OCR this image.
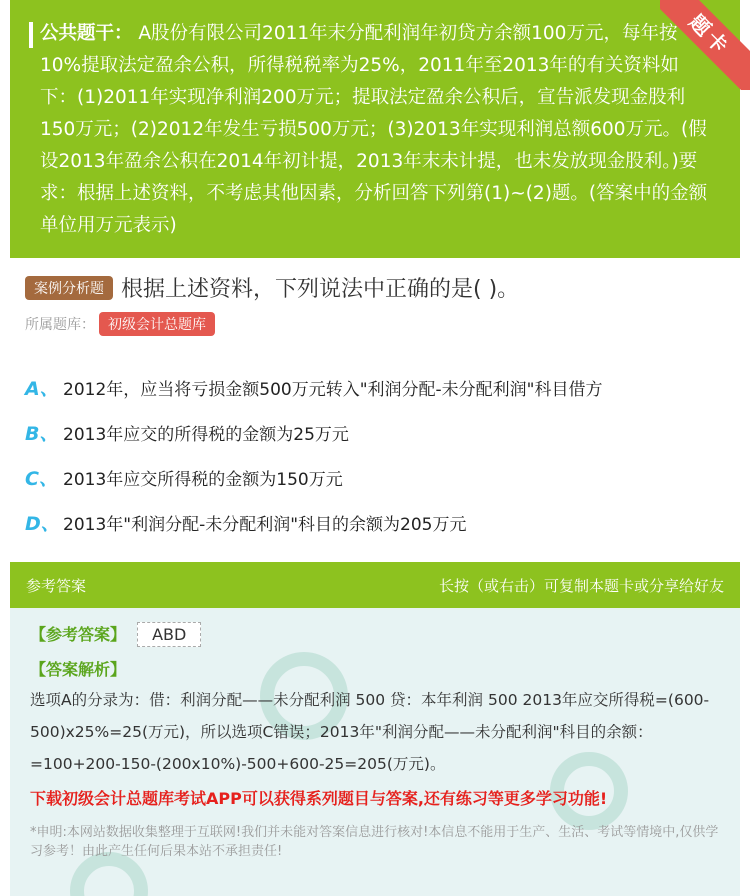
公共题干： A股份有限公司2011年末分配利润年初贷方余额100万元，每年按10%提取法定盈余公积，所得税税率为25%，2011年至2013年的有关资料如下：(1)2011年实现净利润200万元；提取法定盈余公积后，宣告派发现金股利150万元；(2)2012年发生亏损500万元；(3)2013年实现利润总额600万元。(假设2013年盈余公积在2014年初计提，2013年末未计提，也未发放现金股利。)要求：根据上述资料，不考虑其他因素，分析回答下列第(1)~(2)题。(答案中的金额单位用万元表示)
题卡
案例分析题 根据上述资料，下列说法中正确的是( )。
所属题库： 初级会计总题库
A、 2012年，应当将亏损金额500万元转入"利润分配-未分配利润"科目借方
B、 2013年应交的所得税的金额为25万元
C、 2013年应交所得税的金额为150万元
D、 2013年"利润分配-未分配利润"科目的余额为205万元
参考答案	长按（或右击）可复制本题卡或分享给好友
【参考答案】 ABD
【答案解析】
选项A的分录为：借：利润分配——未分配利润 500 贷：本年利润 500 2013年应交所得税=(600-500)x25%=25(万元)，所以选项C错误；2013年"利润分配——未分配利润"科目的余额：=100+200-150-(200x10%)-500+600-25=205(万元)。
下载初级会计总题库考试APP可以获得系列题目与答案,还有练习等更多学习功能!
*申明:本网站数据收集整理于互联网!我们并未能对答案信息进行核对!本信息不能用于生产、生活、考试等情境中,仅供学习参考！由此产生任何后果本站不承担责任!
